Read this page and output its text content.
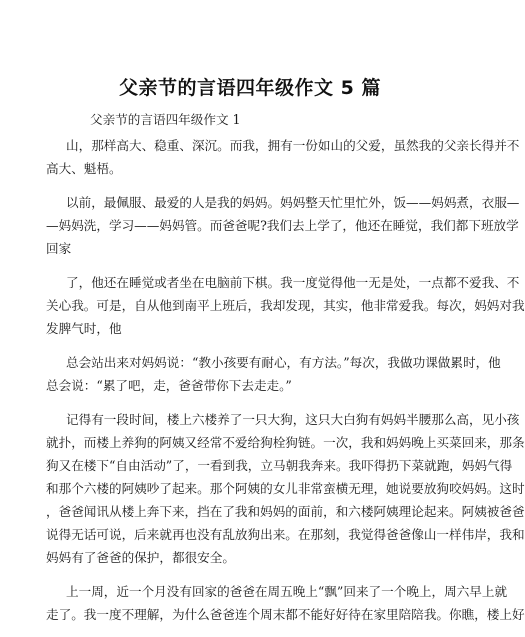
父亲节的言语四年级作文 5 篇
父亲节的言语四年级作文 1
山，那样高大、稳重、深沉。而我，拥有一份如山的父爱，虽然我的父亲长得并不
高大、魁梧。
以前，最佩服、最爱的人是我的妈妈。妈妈整天忙里忙外，饭——妈妈煮，衣服—
—妈妈洗，学习——妈妈管。而爸爸呢?我们去上学了，他还在睡觉，我们都下班放学
回家
了，他还在睡觉或者坐在电脑前下棋。我一度觉得他一无是处，一点都不爱我、不
关心我。可是，自从他到南平上班后，我却发现，其实，他非常爱我。每次，妈妈对我
发脾气时，他
总会站出来对妈妈说：“教小孩要有耐心，有方法。”每次，我做功课做累时，他
总会说：“累了吧，走，爸爸带你下去走走。”
记得有一段时间，楼上六楼养了一只大狗，这只大白狗有妈妈半腰那么高，见小孩
就扑，而楼上养狗的阿姨又经常不爱给狗栓狗链。一次，我和妈妈晚上买菜回来，那条
狗又在楼下“自由活动”了，一看到我，立马朝我奔来。我吓得扔下菜就跑，妈妈气得
和那个六楼的阿姨吵了起来。那个阿姨的女儿非常蛮横无理，她说要放狗咬妈妈。这时
，爸爸闻讯从楼上奔下来，挡在了我和妈妈的面前，和六楼阿姨理论起来。阿姨被爸爸
说得无话可说，后来就再也没有乱放狗出来。在那刻，我觉得爸爸像山一样伟岸，我和
妈妈有了爸爸的保护，都很安全。
上一周，近一个月没有回家的爸爸在周五晚上“飘”回来了一个晚上，周六早上就
走了。我一度不理解，为什么爸爸连个周末都不能好好待在家里陪陪我。你瞧，楼上好
